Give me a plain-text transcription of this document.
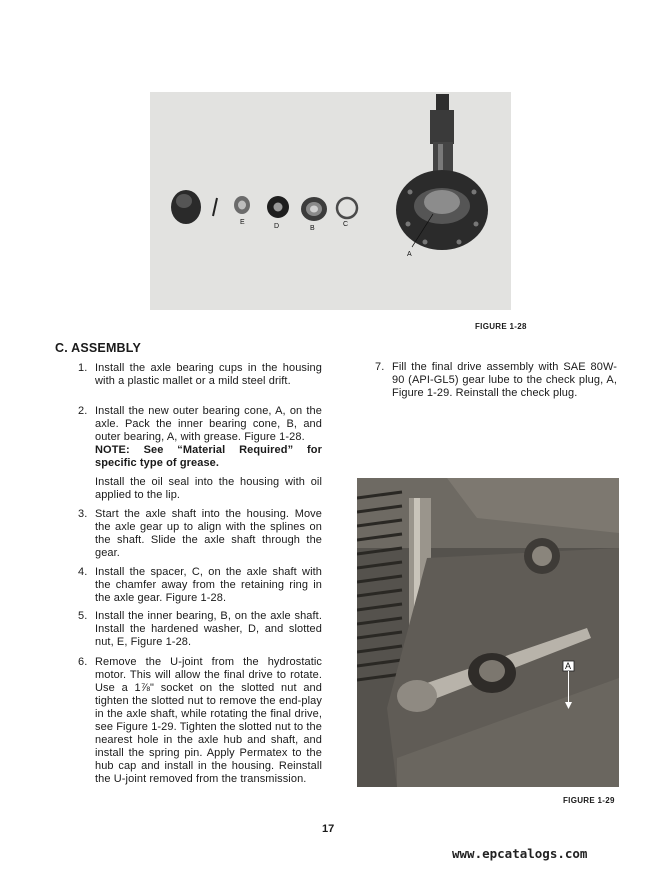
E
D	B
C
A
FIGURE 1-28
C. ASSEMBLY
1. Install the axle bearing cups in the housing with a plastic mallet or a mild steel drift.
2. Install the new outer bearing cone, A, on the axle. Pack the inner bearing cone, B, and outer bearing, A, with grease. Figure 1-28.
NOTE: See “Material Required” for specific type of grease.
Install the oil seal into the housing with oil applied to the lip.
3. Start the axle shaft into the housing. Move the axle gear up to align with the splines on the shaft. Slide the axle shaft through the gear.
4. Install the spacer, C, on the axle shaft with the chamfer away from the retaining ring in the axle gear. Figure 1-28.
5. Install the inner bearing, B, on the axle shaft. Install the hardened washer, D, and slotted nut, E, Figure 1-28.
6. Remove the U-joint from the hydrostatic motor. This will allow the final drive to rotate. Use a 1⅞" socket on the slotted nut and tighten the slotted nut to remove the end-play in the axle shaft, while rotating the final drive, see Figure 1-29. Tighten the slotted nut to the nearest hole in the axle hub and shaft, and install the spring pin. Apply Permatex to the hub cap and install in the housing. Reinstall the U-joint removed from the transmission.
7. Fill the final drive assembly with SAE 80W-90 (API-GL5) gear lube to the check plug, A, Figure 1-29. Reinstall the check plug.
A
FIGURE 1-29
17
www.epcatalogs.com
